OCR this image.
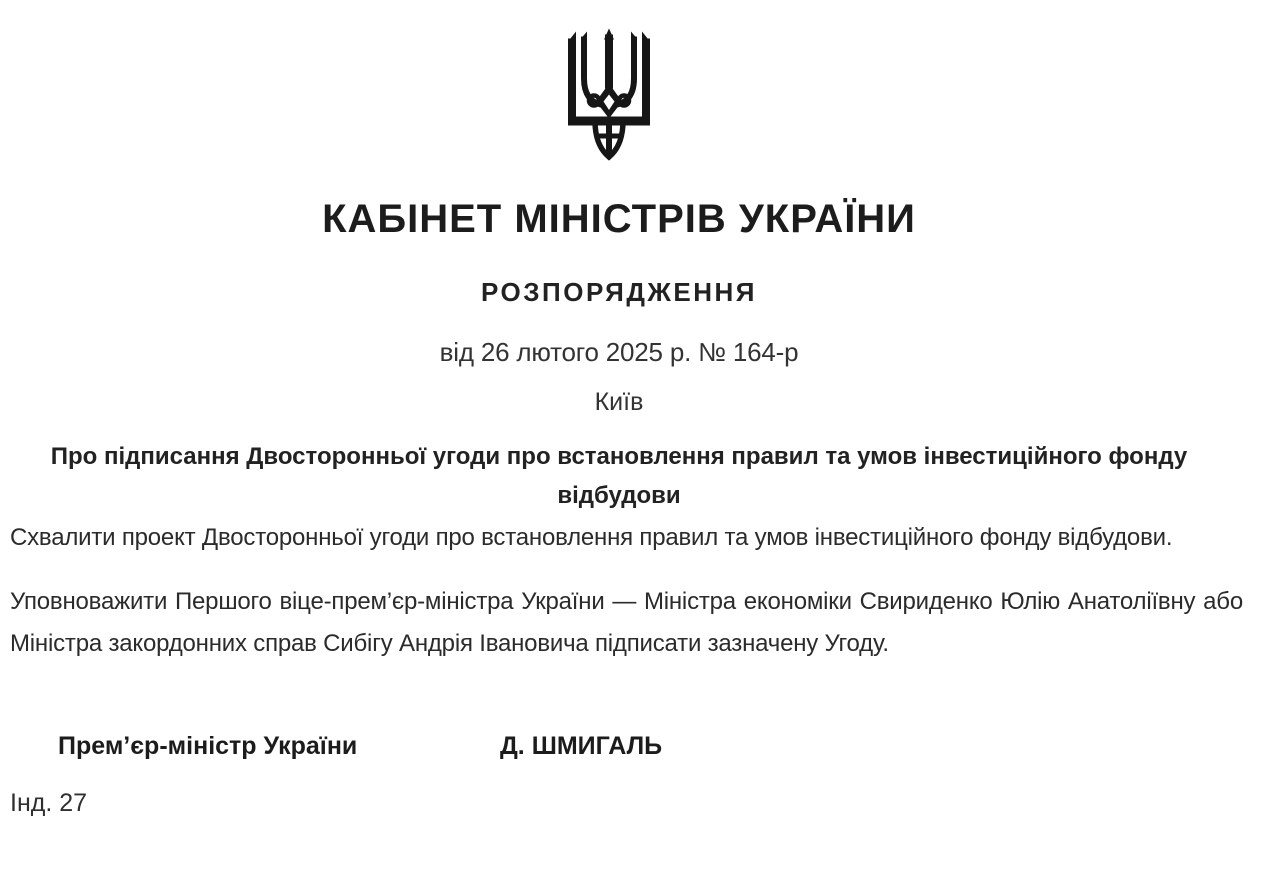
КАБІНЕТ МІНІСТРІВ УКРАЇНИ
РОЗПОРЯДЖЕННЯ
від 26 лютого 2025 р. № 164-р
Київ
Про підписання Двосторонньої угоди про встановлення правил та умов інвестиційного фонду відбудови

Схвалити проект Двосторонньої угоди про встановлення правил та умов інвестиційного фонду відбудови.

Уповноважити Першого віце-прем’єр-міністра України — Міністра економіки Свириденко Юлію Анатоліївну або Міністра закордонних справ Сибігу Андрія Івановича підписати зазначену Угоду.

Прем’єр-міністр України	Д. ШМИГАЛЬ
Інд. 27
